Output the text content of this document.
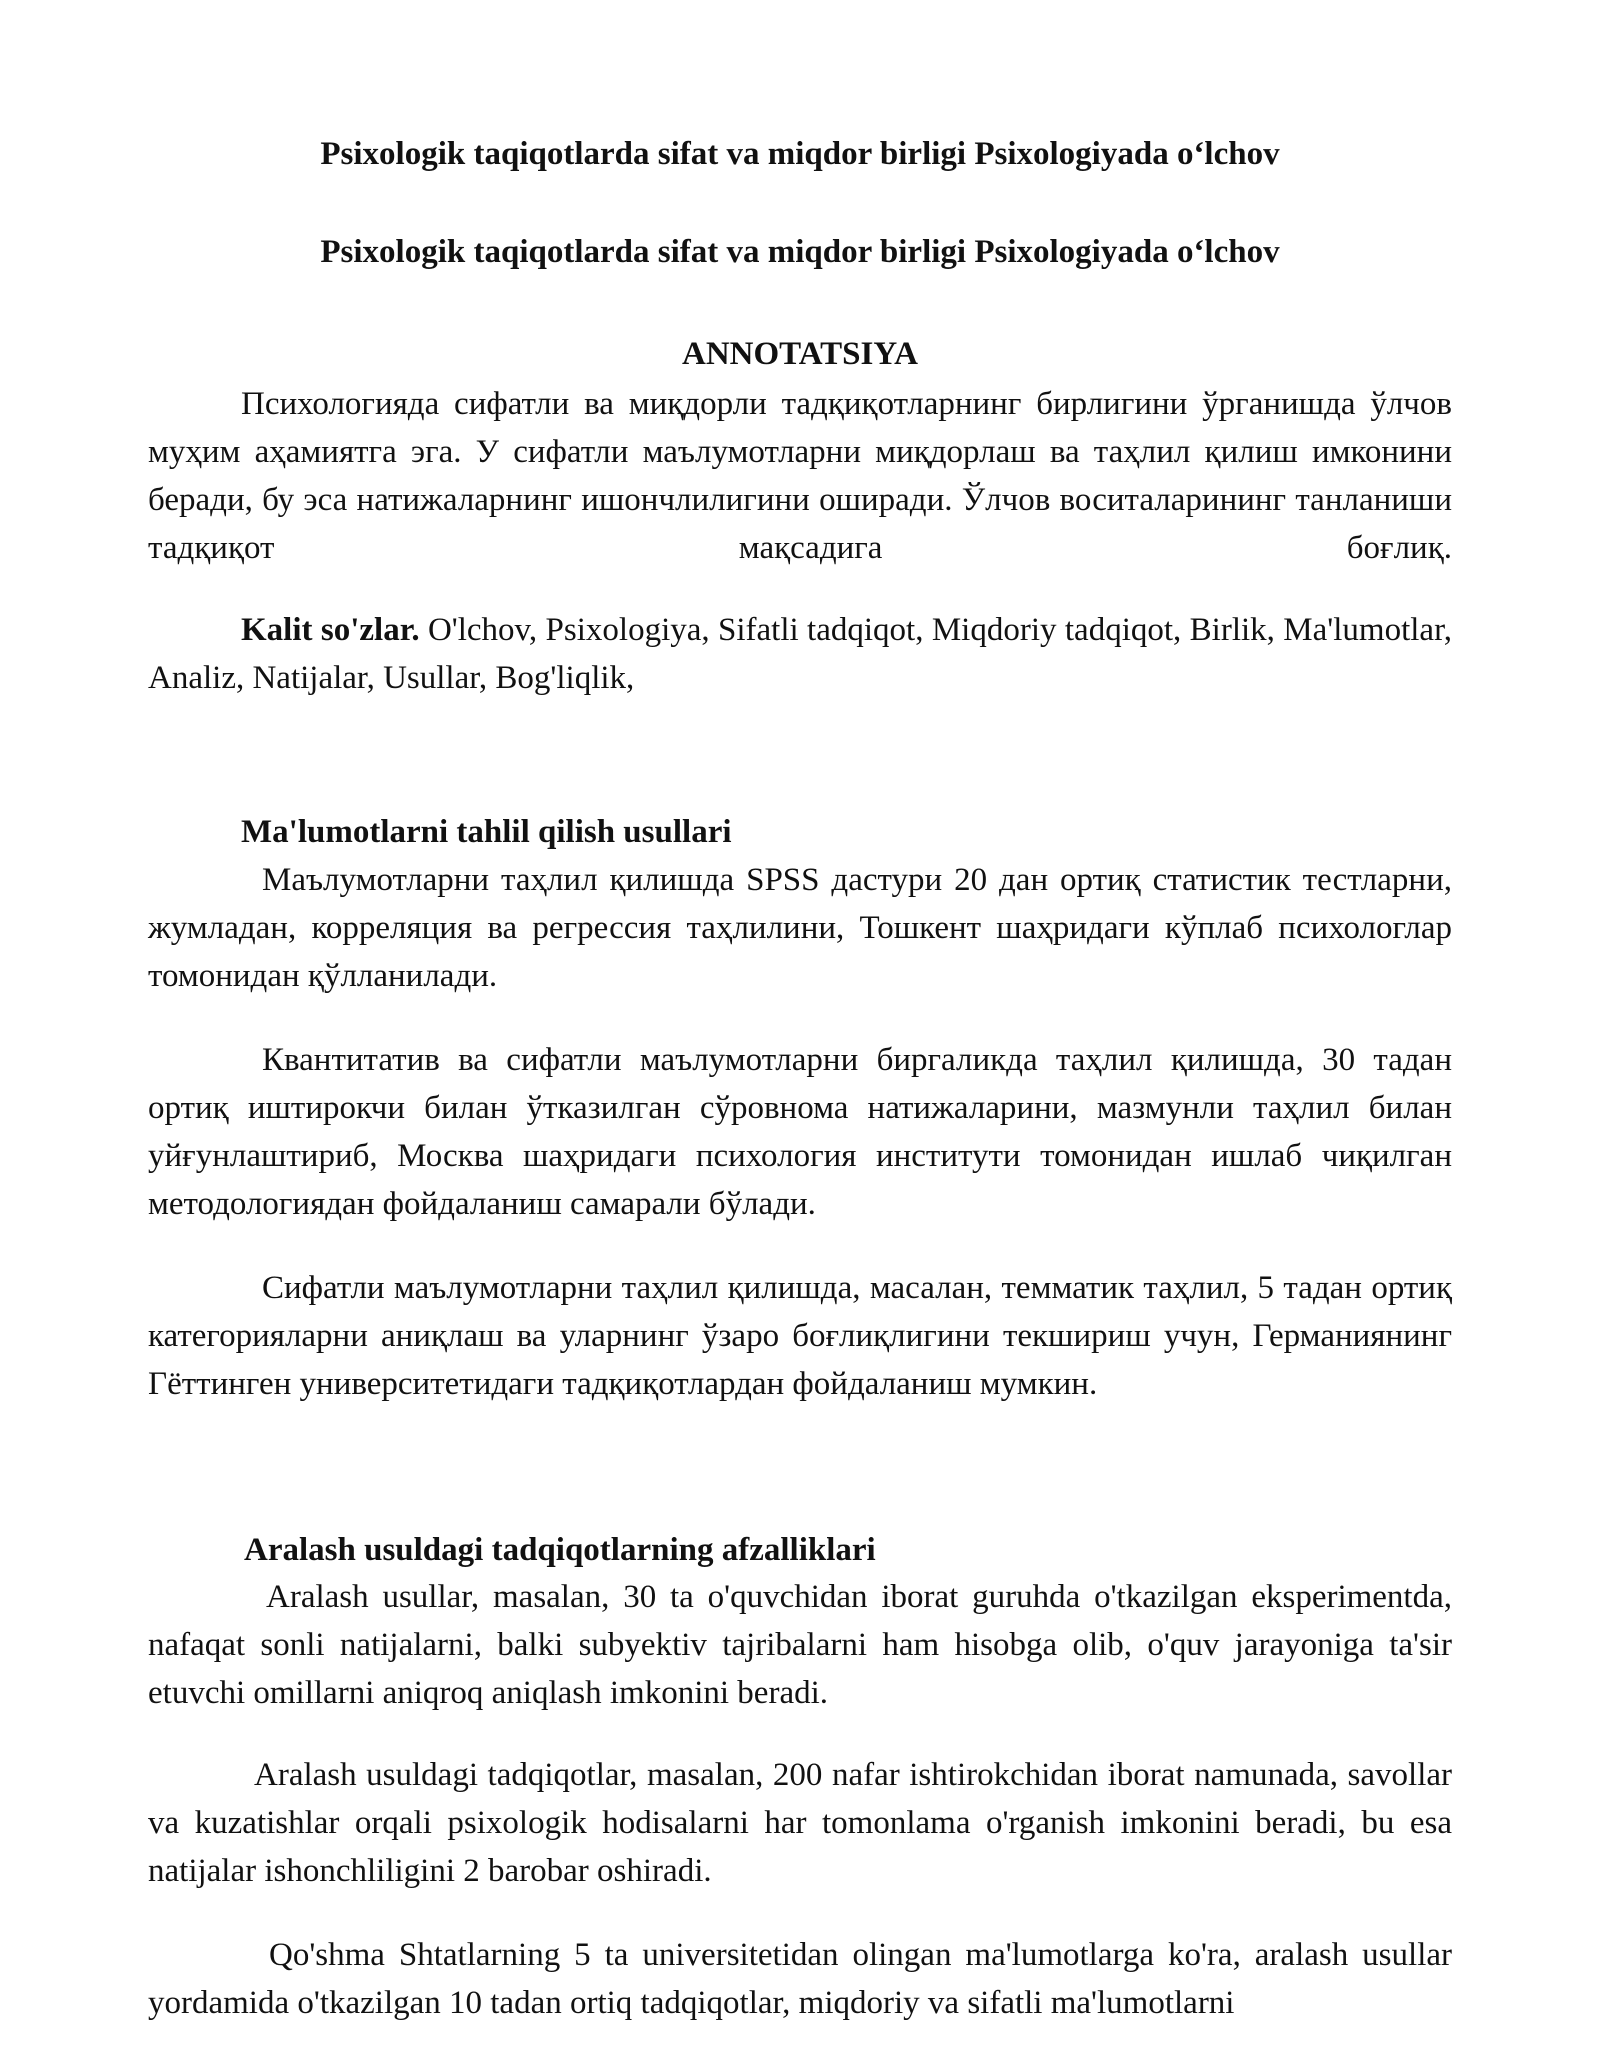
Psixologik taqiqotlarda sifat va miqdor birligi Psixologiyada o‘lchov
Psixologik taqiqotlarda sifat va miqdor birligi Psixologiyada o‘lchov
ANNOTATSIYA
Психологияда сифатли ва миқдорли тадқиқотларнинг бирлигини ўрганишда ўлчов муҳим аҳамиятга эга. У сифатли маълумотларни миқдорлаш ва таҳлил қилиш имконини беради, бу эса натижаларнинг ишончлилигини оширади. Ўлчов воситаларининг танланиши тадқиқот мақсадига боғлиқ.
Kalit so'zlar. O'lchov, Psixologiya, Sifatli tadqiqot, Miqdoriy tadqiqot, Birlik, Ma'lumotlar, Analiz, Natijalar, Usullar, Bog'liqlik,
Ma'lumotlarni tahlil qilish usullari
Маълумотларни таҳлил қилишда SPSS дастури 20 дан ортиқ статистик тестларни, жумладан, корреляция ва регрессия таҳлилини, Тошкент шаҳридаги кўплаб психологлар томонидан қўлланилади.
Квантитатив ва сифатли маълумотларни биргаликда таҳлил қилишда, 30 тадан ортиқ иштирокчи билан ўтказилган сўровнома натижаларини, мазмунли таҳлил билан уйғунлаштириб, Москва шаҳридаги психология институти томонидан ишлаб чиқилган методологиядан фойдаланиш самарали бўлади.
Сифатли маълумотларни таҳлил қилишда, масалан, темматик таҳлил, 5 тадан ортиқ категорияларни аниқлаш ва уларнинг ўзаро боғлиқлигини текшириш учун, Германиянинг Гёттинген университетидаги тадқиқотлардан фойдаланиш мумкин.
Aralash usuldagi tadqiqotlarning afzalliklari
Aralash usullar, masalan, 30 ta o'quvchidan iborat guruhda o'tkazilgan eksperimentda, nafaqat sonli natijalarni, balki subyektiv tajribalarni ham hisobga olib, o'quv jarayoniga ta'sir etuvchi omillarni aniqroq aniqlash imkonini beradi.
Aralash usuldagi tadqiqotlar, masalan, 200 nafar ishtirokchidan iborat namunada, savollar va kuzatishlar orqali psixologik hodisalarni har tomonlama o'rganish imkonini beradi, bu esa natijalar ishonchliligini 2 barobar oshiradi.
Qo'shma Shtatlarning 5 ta universitetidan olingan ma'lumotlarga ko'ra, aralash usullar yordamida o'tkazilgan 10 tadan ortiq tadqiqotlar, miqdoriy va sifatli ma'lumotlarni
